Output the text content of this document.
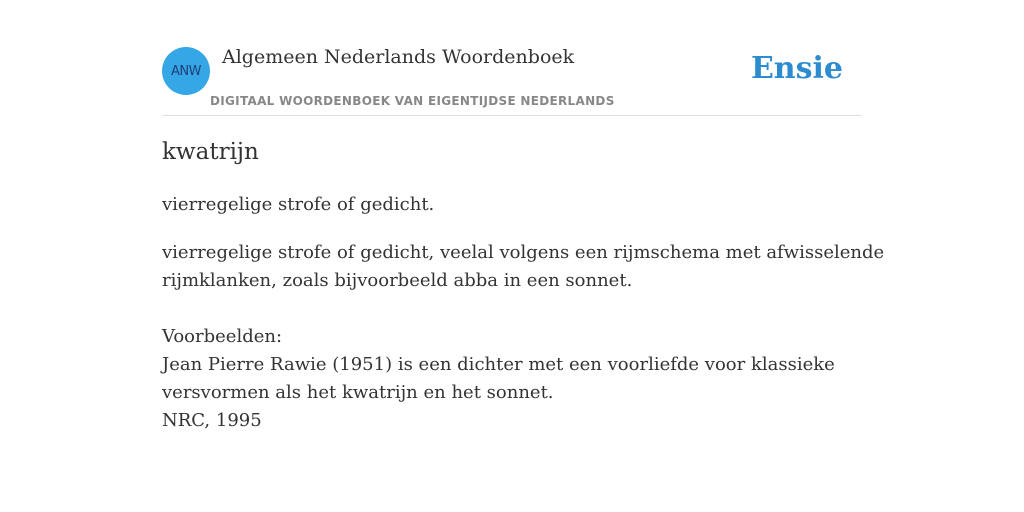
ANW
Algemeen Nederlands Woordenboek
DIGITAAL WOORDENBOEK VAN EIGENTIJDSE NEDERLANDS
Ensie
kwatrijn
vierregelige strofe of gedicht.
vierregelige strofe of gedicht, veelal volgens een rijmschema met afwisselende
rijmklanken, zoals bijvoorbeeld abba in een sonnet.
Voorbeelden:
Jean Pierre Rawie (1951) is een dichter met een voorliefde voor klassieke
versvormen als het kwatrijn en het sonnet.
NRC, 1995
